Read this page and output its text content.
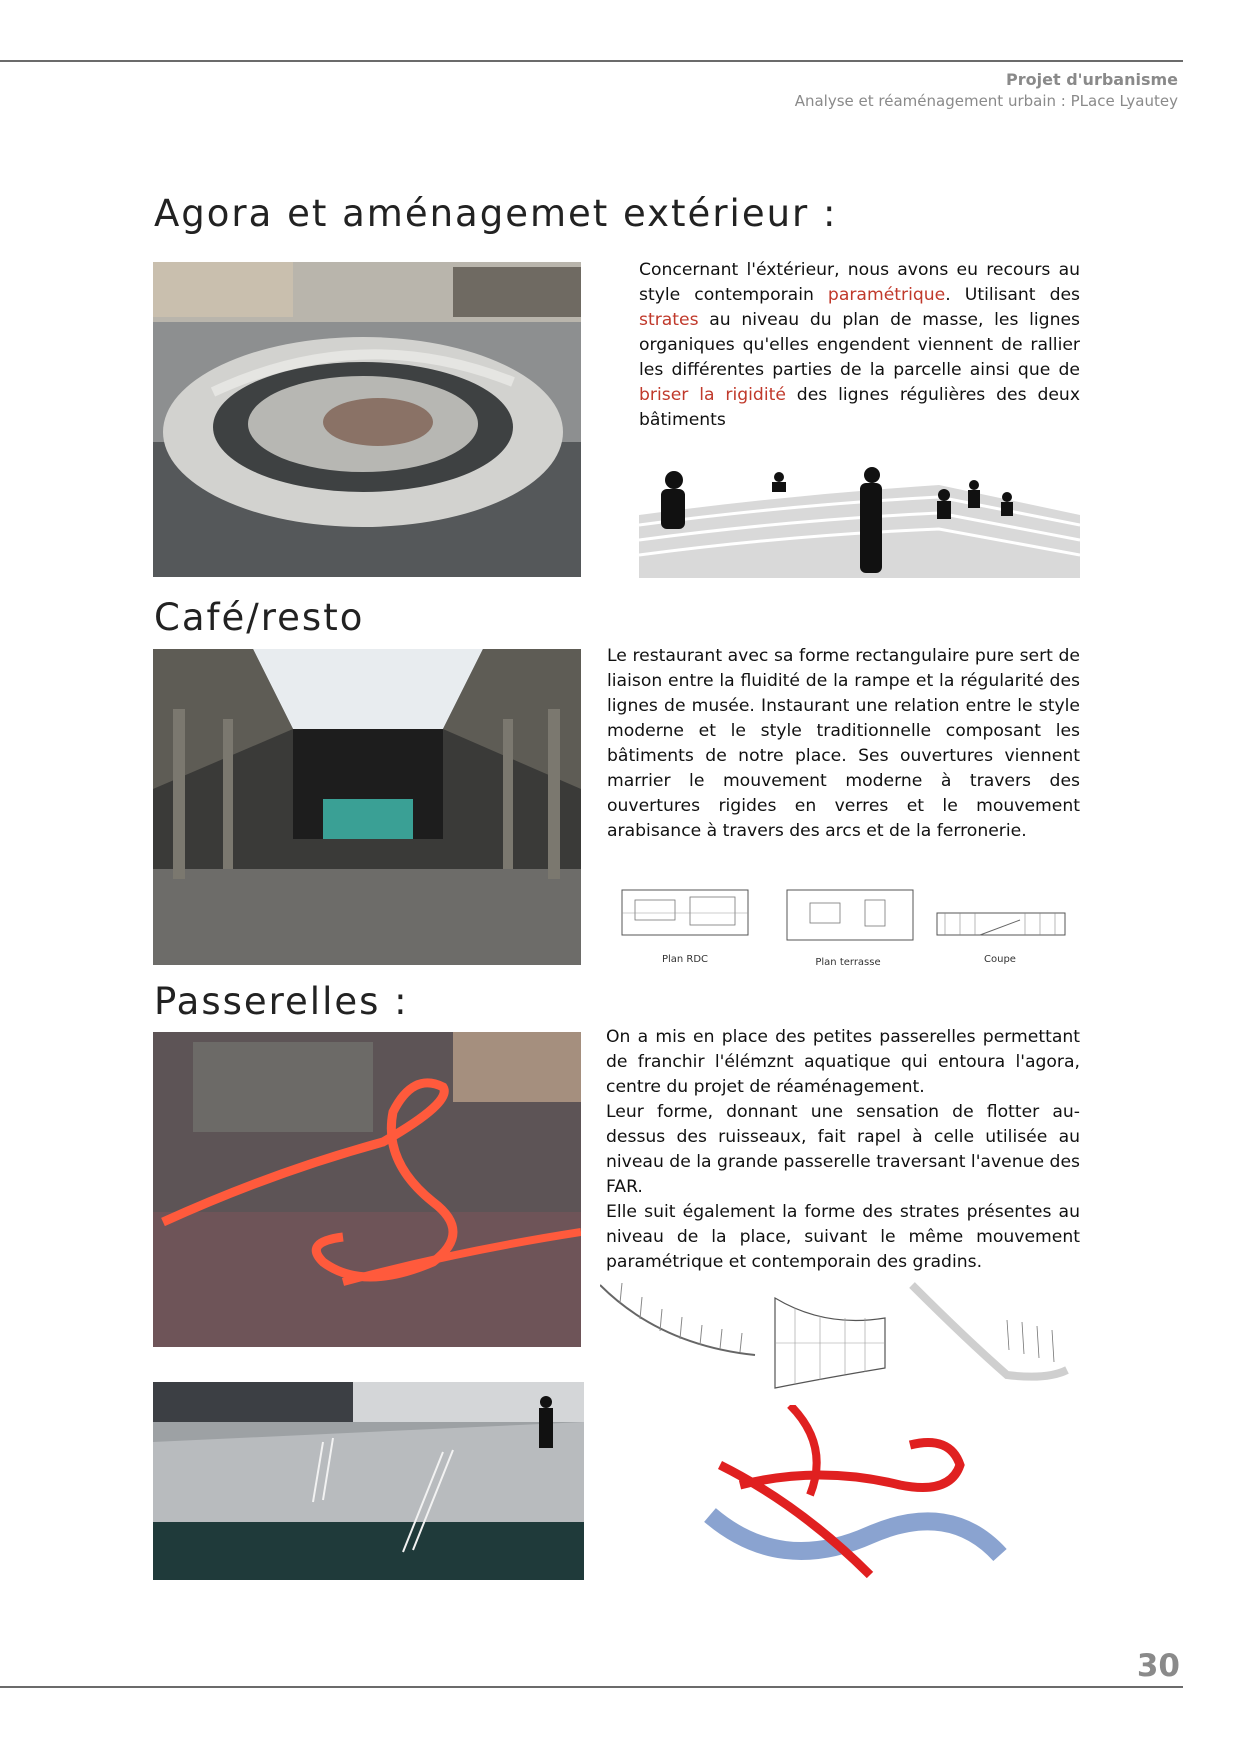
Projet d'urbanisme
Analyse et réaménagement urbain : PLace Lyautey
Agora et aménagemet extérieur :

Concernant l'éxtérieur, nous avons eu recours au style contemporain paramétrique. Utilisant des strates au niveau du plan de masse, les lignes organiques qu'elles engendent viennent de rallier les différentes parties de la parcelle ainsi que de briser la rigidité des lignes régulières des deux bâtiments

Café/resto

Le restaurant avec sa forme rectangulaire pure sert de liaison entre la fluidité de la rampe et la régularité des lignes de musée. Instaurant une relation entre le style moderne et le style traditionnelle composant les bâtiments de notre place. Ses ouvertures viennent marrier le mouvement moderne à travers des ouvertures rigides en verres et le mouvement arabisance à travers des arcs et de la ferronerie.

Plan RDC	Plan terrasse	Coupe
Passerelles :
On a mis en place des petites passerelles permettant de franchir l'élémznt aquatique qui entoura l'agora, centre du projet de réaménagement.
Leur forme, donnant une sensation de flotter au-dessus des ruisseaux, fait rapel à celle utilisée au niveau de la grande passerelle traversant l'avenue des FAR.
Elle suit également la forme des strates présentes au niveau de la place, suivant le même mouvement paramétrique et contemporain des gradins.
30
